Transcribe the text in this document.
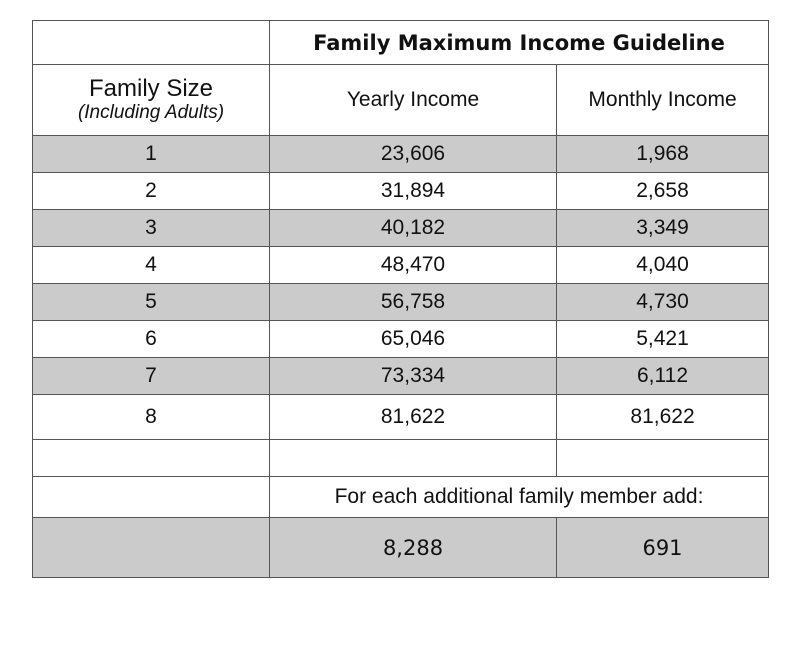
	Family Maximum Income Guideline	

Family Size
(Including Adults)	Yearly Income	Monthly Income
1	23,606	1,968
2	31,894	2,658
3	40,182	3,349
4	48,470	4,040
5	56,758	4,730
6	65,046	5,421
7	73,334	6,112
8	81,622	81,622

	For each additional family member add:	
	8,288	691
